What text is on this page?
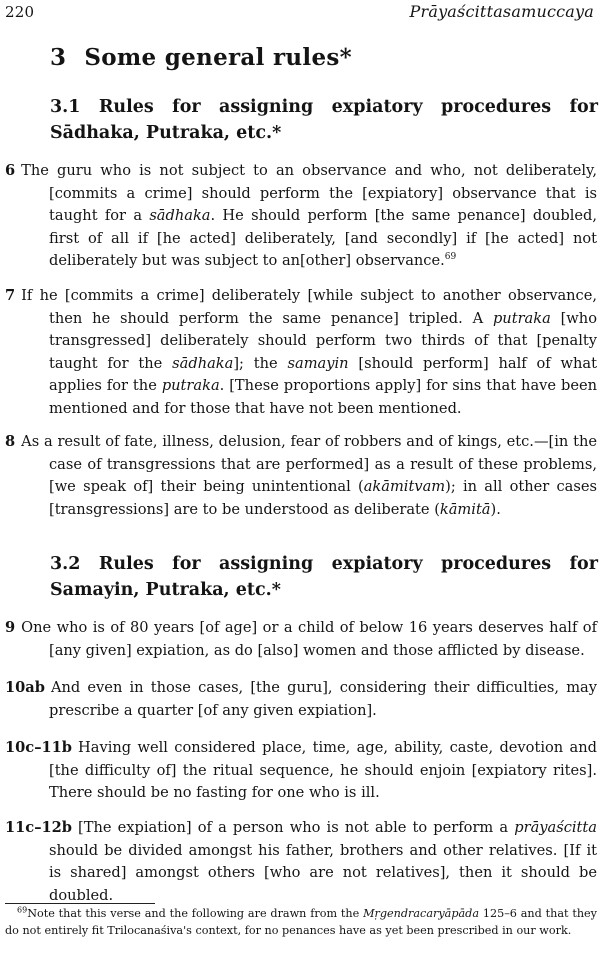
220	Prāyaścittasamuccaya
3 Some general rules*
3.1 Rules for assigning expiatory procedures for
Sādhaka, Putraka, etc.*
6 The guru who is not subject to an observance and who, not deliberately, [commits a crime] should perform the [expiatory] observance that is taught for a sādhaka. He should perform [the same penance] doubled, first of all if [he acted] deliberately, [and secondly] if [he acted] not deliberately but was subject to an[other] observance.$^{69}$
7 If he [commits a crime] deliberately [while subject to another observance, then he should perform the same penance] tripled. A putraka [who transgressed] deliberately should perform two thirds of that [penalty taught for the sādhaka]; the samayin [should perform] half of what applies for the putraka. [These proportions apply] for sins that have been mentioned and for those that have not been mentioned.
8 As a result of fate, illness, delusion, fear of robbers and of kings, etc.—[in the case of transgressions that are performed] as a result of these problems, [we speak of] their being unintentional (akāmitvam); in all other cases [transgressions] are to be understood as deliberate (kāmitā).
3.2 Rules for assigning expiatory procedures for
Samayin, Putraka, etc.*
9 One who is of 80 years [of age] or a child of below 16 years deserves half of [any given] expiation, as do [also] women and those afflicted by disease.
10ab And even in those cases, [the guru], considering their difficulties, may prescribe a quarter [of any given expiation].
10c–11b Having well considered place, time, age, ability, caste, devotion and [the difficulty of] the ritual sequence, he should enjoin [expiatory rites]. There should be no fasting for one who is ill.
11c–12b [The expiation] of a person who is not able to perform a prāyaścitta should be divided amongst his father, brothers and other relatives. [If it is shared] amongst others [who are not relatives], then it should be doubled.
$^{69}$Note that this verse and the following are drawn from the Mṛgendracaryāpāda 125–6 and that they do not entirely fit Trilocanaśiva's context, for no penances have as yet been prescribed in our work.
